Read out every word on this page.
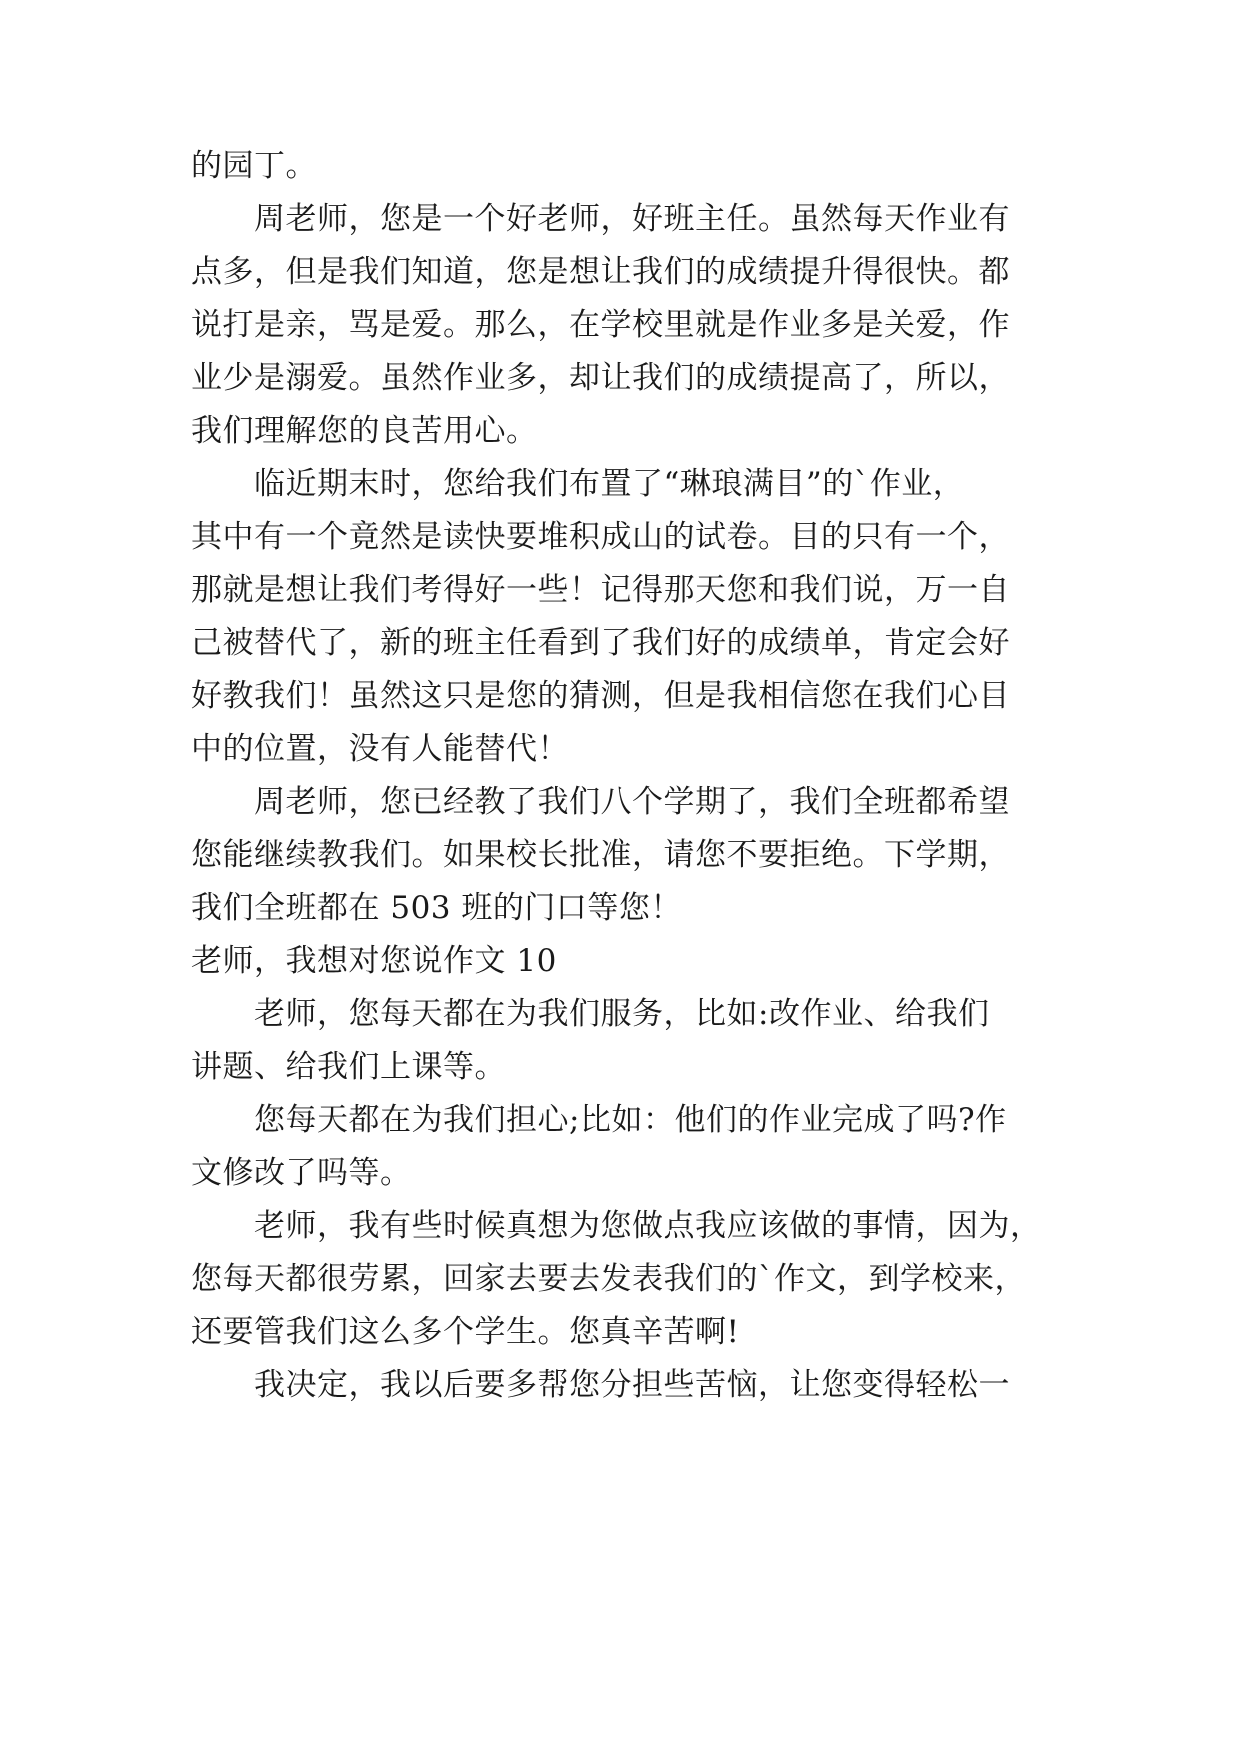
的园丁。
周老师，您是一个好老师，好班主任。虽然每天作业有
点多，但是我们知道，您是想让我们的成绩提升得很快。都
说打是亲，骂是爱。那么，在学校里就是作业多是关爱，作
业少是溺爱。虽然作业多，却让我们的成绩提高了，所以，
我们理解您的良苦用心。
临近期末时，您给我们布置了“琳琅满目”的`作业，
其中有一个竟然是读快要堆积成山的试卷。目的只有一个，
那就是想让我们考得好一些！记得那天您和我们说，万一自
己被替代了，新的班主任看到了我们好的成绩单，肯定会好
好教我们！虽然这只是您的猜测，但是我相信您在我们心目
中的位置，没有人能替代！
周老师，您已经教了我们八个学期了，我们全班都希望
您能继续教我们。如果校长批准，请您不要拒绝。下学期，
我们全班都在 503 班的门口等您！
老师，我想对您说作文 10
老师，您每天都在为我们服务，比如:改作业、给我们
讲题、给我们上课等。
您每天都在为我们担心;比如：他们的作业完成了吗?作
文修改了吗等。
老师，我有些时候真想为您做点我应该做的事情，因为，
您每天都很劳累，回家去要去发表我们的`作文，到学校来，
还要管我们这么多个学生。您真辛苦啊!
我决定，我以后要多帮您分担些苦恼，让您变得轻松一
